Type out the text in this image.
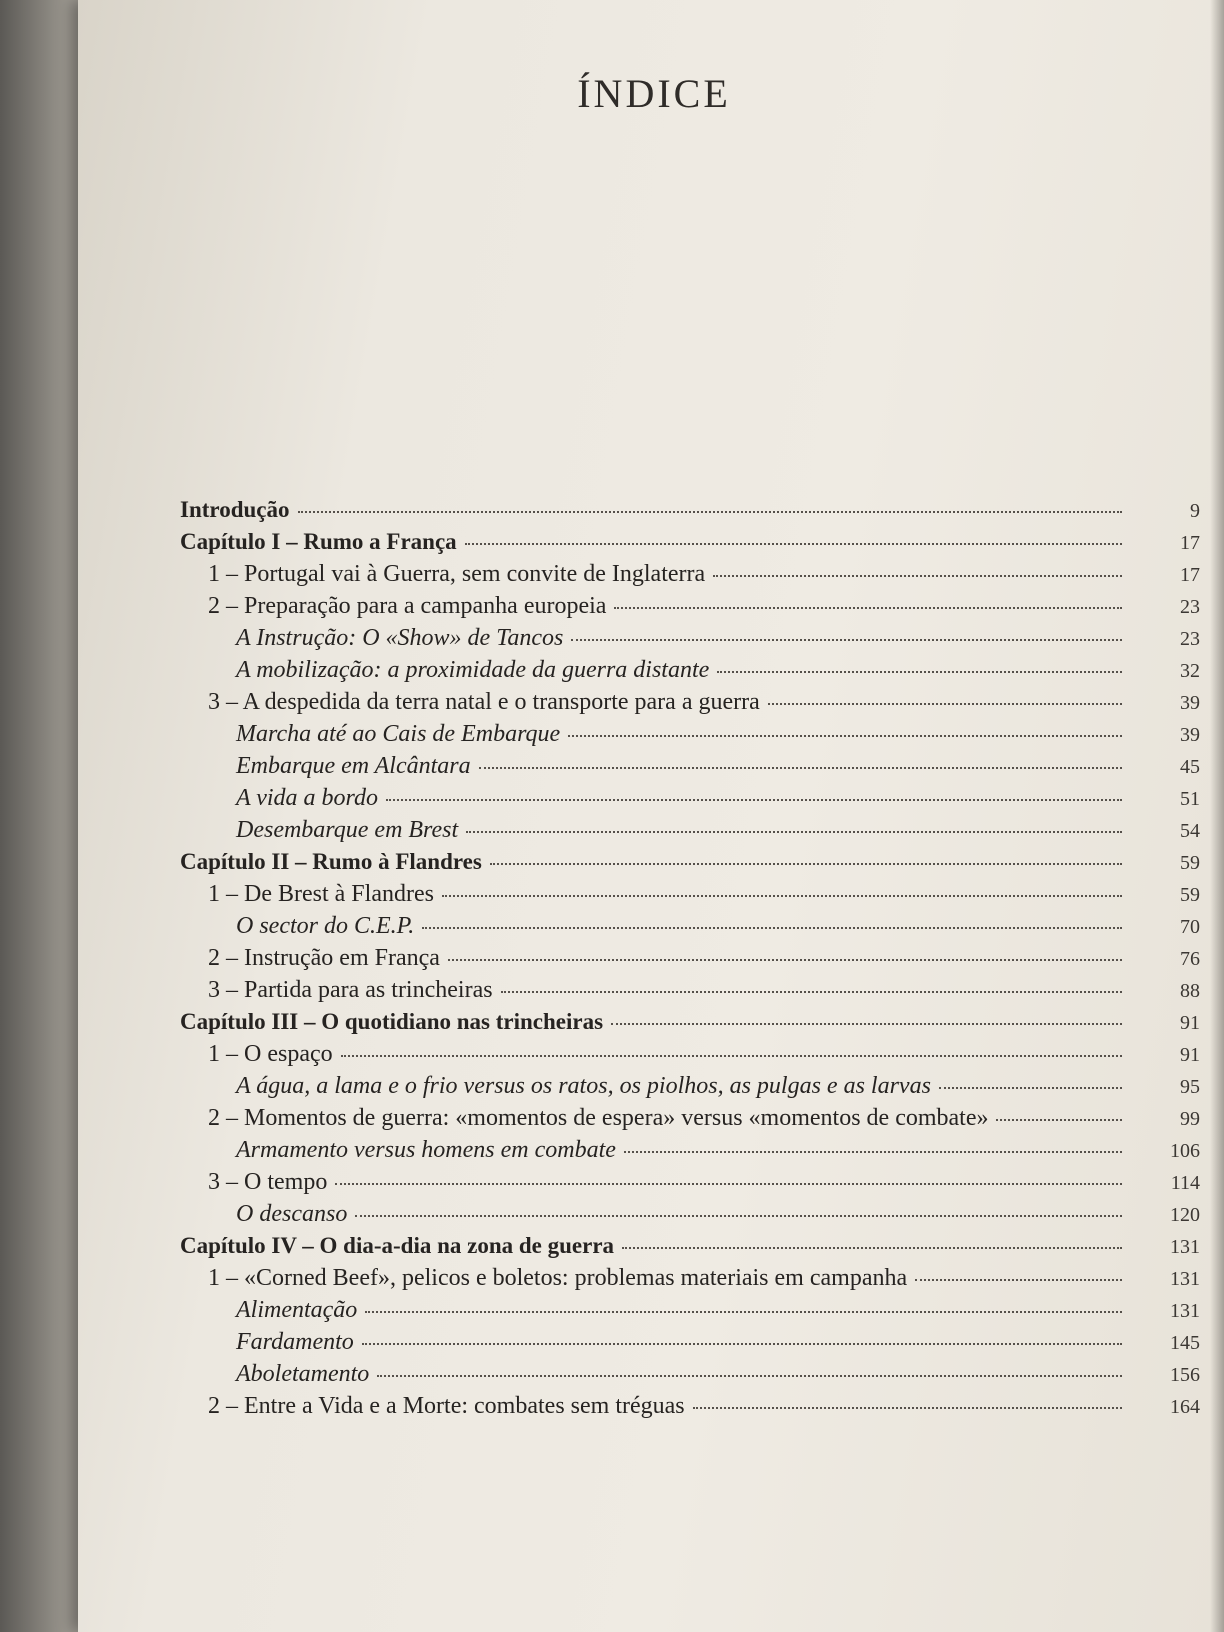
ÍNDICE
Introdução	9
Capítulo I – Rumo a França	17
1 – Portugal vai à Guerra, sem convite de Inglaterra	17
2 – Preparação para a campanha europeia	23
A Instrução: O «Show» de Tancos	23
A mobilização: a proximidade da guerra distante	32
3 – A despedida da terra natal e o transporte para a guerra	39
Marcha até ao Cais de Embarque	39
Embarque em Alcântara	45
A vida a bordo	51
Desembarque em Brest	54
Capítulo II – Rumo à Flandres	59
1 – De Brest à Flandres	59
O sector do C.E.P.	70
2 – Instrução em França	76
3 – Partida para as trincheiras	88
Capítulo III – O quotidiano nas trincheiras	91
1 – O espaço	91
A água, a lama e o frio versus os ratos, os piolhos, as pulgas e as larvas	95
2 – Momentos de guerra: «momentos de espera» versus «momentos de combate»	99
Armamento versus homens em combate	106
3 – O tempo	114
O descanso	120
Capítulo IV – O dia-a-dia na zona de guerra	131
1 – «Corned Beef», pelicos e boletos: problemas materiais em campanha	131
Alimentação	131
Fardamento	145
Aboletamento	156
2 – Entre a Vida e a Morte: combates sem tréguas	164
